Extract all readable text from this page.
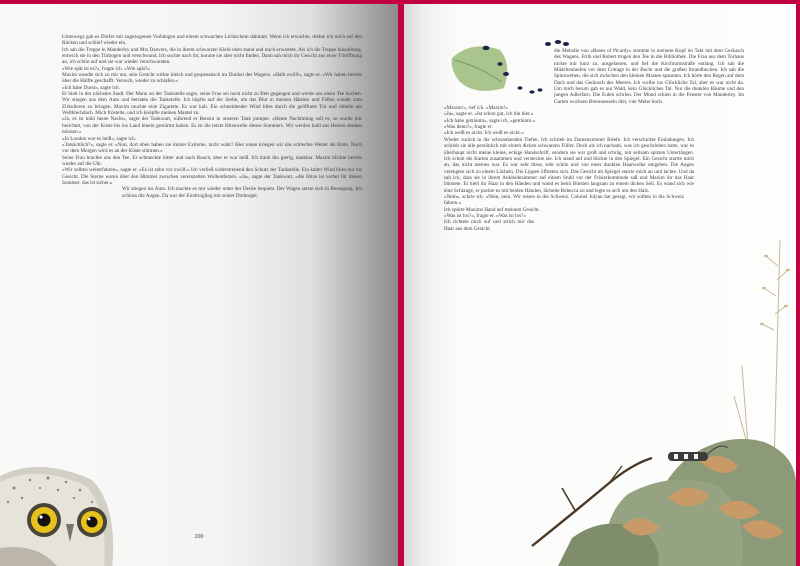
Unterwegs gab es Dörfer mit zugezogenen Vorhängen und einem schwachen Lichtschein dahinter. Wenn ich erwachte, drehte ich mich auf den Rücken und schlief wieder ein.

Ich sah die Treppe in Manderley und Mrs Danvers, die in ihrem schwarzen Kleid oben stand und mich erwartete. Als ich die Treppe hinaufstieg, entwich sie in den Türbogen und verschwand. Ich suchte nach ihr, konnte sie aber nicht finden. Dann sah mich ihr Gesicht aus einer Türöffnung an, ich schrie auf und sie war wieder verschwunden.

»Wie spät ist es?«, fragte ich. »Wie spät?«

Maxim wandte sich zu mir um, sein Gesicht wirkte bleich und gespenstisch im Dunkel des Wagens. »Halb zwölf«, sagte er. »Wir haben bereits über die Hälfte geschafft. Versuch, wieder zu schlafen.«

»Ich habe Durst«, sagte ich.

Er hielt in der nächsten Stadt. Der Mann an der Tankstelle sagte, seine Frau sei noch nicht zu Bett gegangen und werde uns einen Tee kochen. Wir stiegen aus dem Auto und betraten die Tankstelle. Ich hüpfte auf der Stelle, um das Blut in meinen Händen und Füßen wieder zum Zirkulieren zu bringen. Maxim rauchte eine Zigarette. Es war kalt. Ein schneidender Wind blies durch die geöffnete Tür und rüttelte am Wellblechdach. Mich fröstelte, und ich knöpfte meinen Mantel zu.

»Ja, es ist kühl heute Nacht«, sagte der Tankwart, während er Benzin in unseren Tank pumpte. »Heute Nachmittag soll es, so wurde mir berichtet, von der Küste bis ins Land hinein gestürmt haben. Es ist die letzte Hitzewelle dieses Sommers. Wir werden bald ans Heizen denken müssen.«

»In London war es heiß«, sagte ich.

»Tatsächlich?«, sagte er. »Nun, dort oben haben sie immer Extreme, nicht wahr? Hier unten kriegen wir das schlechte Wetter als Erste. Noch vor dem Morgen wird es an der Küste stürmen.«

Seine Frau brachte uns den Tee. Er schmeckte bitter und nach Rauch, aber er war heiß. Ich trank ihn gierig, dankbar. Maxim blickte bereits wieder auf die Uhr.

»Wir sollten weiterfahren«, sagte er. »Es ist zehn vor zwölf.« Ich verließ widerstrebend den Schutz der Tankstelle. Ein kalter Wind blies mir ins Gesicht. Die Sterne waren über den Himmel zwischen vereinzelten Wolkenfetzen. »Ja«, sagte der Tankwart, »die Hitze ist vorbei für diesen Sommer, das ist sicher.«

Wir stiegen ins Auto. Ich machte es mir wieder unter der Decke bequem. Der Wagen setzte sich in Bewegung. Ich schloss die Augen. Da war der Eindringling mit seiner Drehorgel,

200

die Melodie von »Roses of Picardy« summte in meinem Kopf im Takt mit dem Geräusch des Wagens. Frith und Robert trugen den Tee in die Bibliothek. Die Frau aus dem Torhaus nickte mir kurz zu, ausgelassen, und lief die Kirchturmstraße entlang. Ich sah die Mädchenlaufen vor dem Cottage in der Bucht und die großen Strandbuchen. Ich sah die Spinnweben, die sich zwischen den kleinen Masten spannten. Ich hörte den Regen auf dem Dach und das Geräusch des Meeres. Ich wollte ins Glückliche Tal, aber es war nicht da. Um mich herum gab es nur Wald, kein Glückliches Tal. Nur die dunklen Bäume und den jungen Adlerfarn. Die Eulen schrien. Der Mond schien in die Fenster von Manderley. Im Garten wuchsen Brennnesseln drei, vier Meter hoch.

»Maxim!«, rief ich. »Maxim!«

»Ja«, sagte er. »Ist schon gut, ich bin hier.«

»Ich habe geträumt«, sagte ich, »geträumt.«

»Was denn?«, fragte er.

»Ich weiß es nicht. Ich weiß es nicht.«

Wieder zurück in die schwankenden Tiefen. Ich schrieb im Damenzimmer Briefe. Ich verschickte Einladungen. Ich schrieb sie alle persönlich mit einem dicken schwarzen Füller. Doch als ich nachsah, was ich geschrieben hatte, war es überhaupt nicht meine kleine, eckige Handschrift, sondern sie war groß und schräg, mit seltsam spitzen Unterlängen. Ich schob die Karten zusammen und versteckte sie. Ich stand auf und blickte in den Spiegel. Ein Gesicht starrte mich an, das nicht meines war. Es war sehr blass, sehr schön und von einer dunklen Haarwolke umgeben. Die Augen verengten sich zu einem Lächeln. Die Lippen öffneten sich. Das Gesicht im Spiegel starrte mich an und lachte. Und da sah ich, dass sie in ihrem Ankleidezimmer auf einem Stuhl vor der Frisierkommode saß und Maxim ihr das Haar bürstete. Er hielt ihr Haar in den Händen und wand es beim Bürsten langsam zu einem dicken Seil. Es wand sich wie eine Schlange, er packte es mit beiden Händen, lächelte Rebecca zu und legte es sich um den Hals.

»Nein«, schrie ich. »Nein, nein. Wir reisen in die Schweiz. Colonel Julyan hat gesagt, wir sollten in die Schweiz fahren.«

Ich spürte Maxims Hand auf meinem Gesicht.

»Was ist los?«, fragte er. »Was ist los?«

Ich richtete mich auf und strich mir das Haar aus dem Gesicht.
